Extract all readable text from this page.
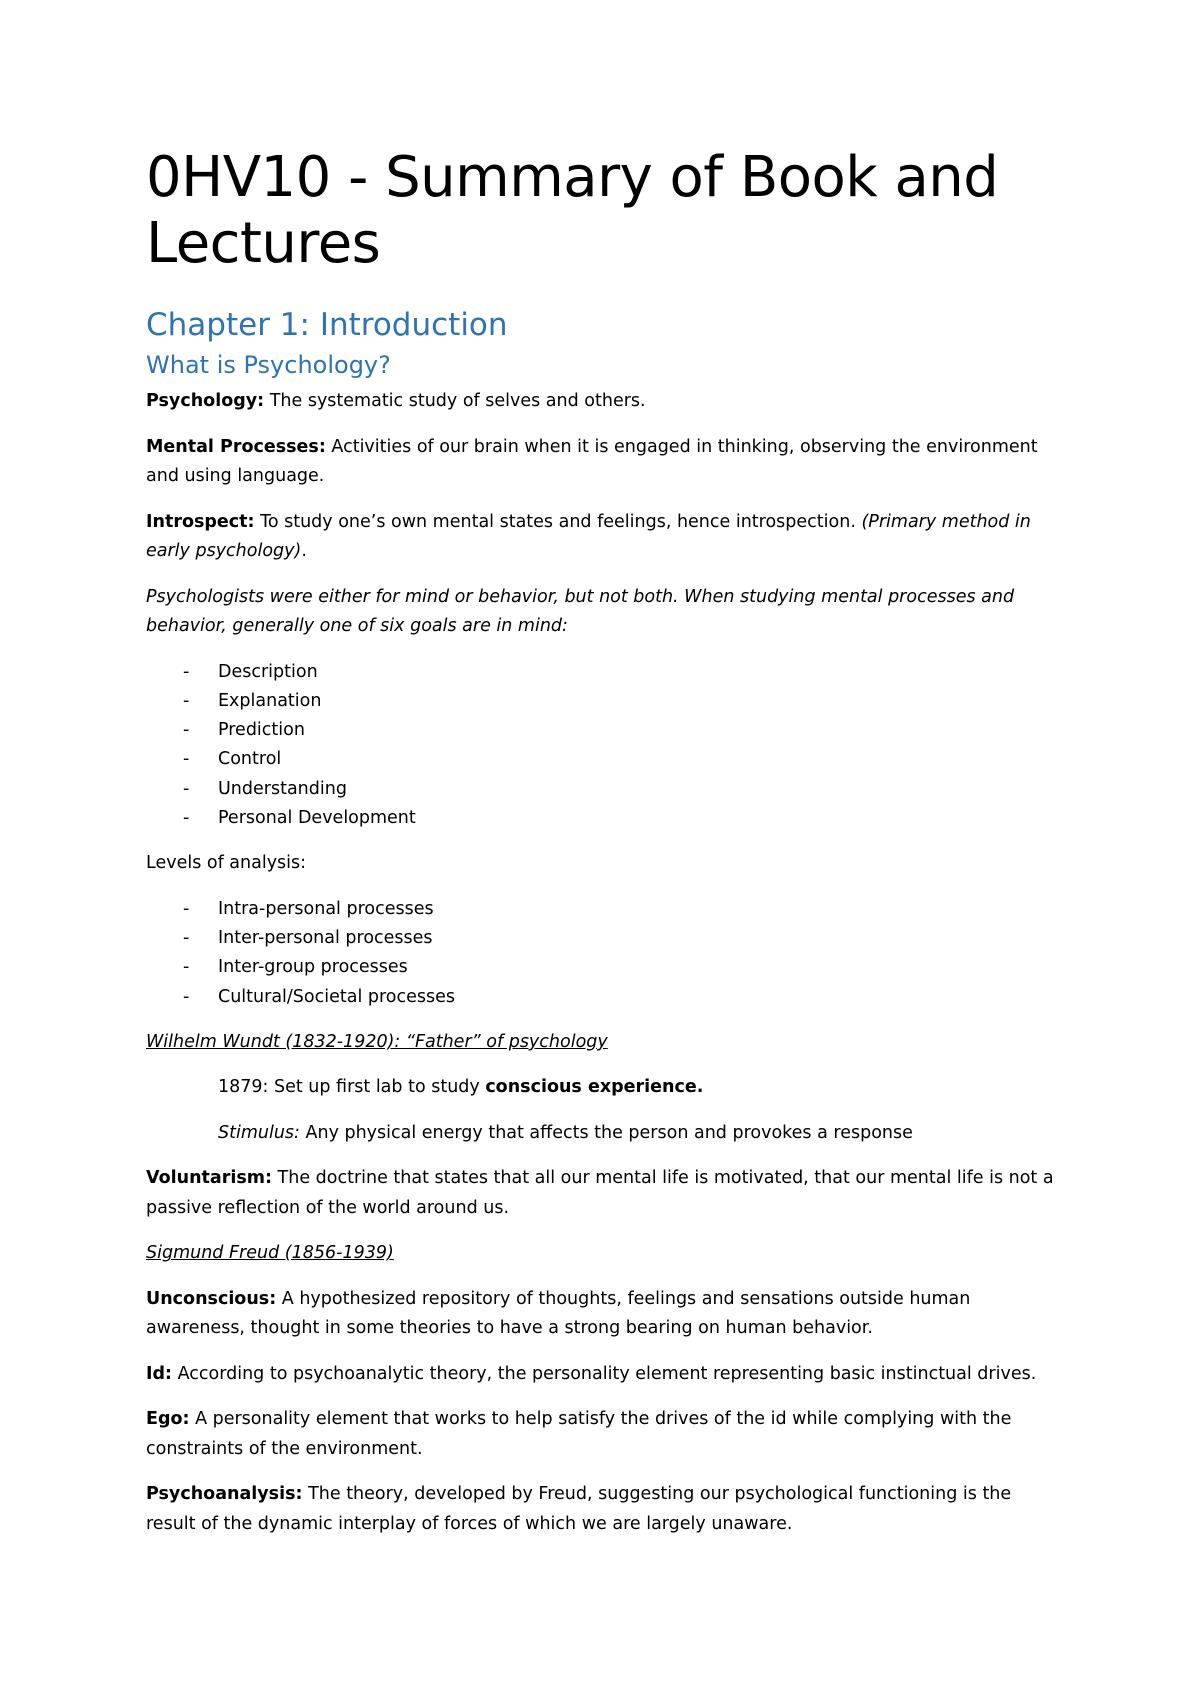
0HV10 - Summary of Book and Lectures
Chapter 1: Introduction
What is Psychology?

Psychology: The systematic study of selves and others.

Mental Processes: Activities of our brain when it is engaged in thinking, observing the environment and using language.

Introspect: To study one’s own mental states and feelings, hence introspection. (Primary method in early psychology).

Psychologists were either for mind or behavior, but not both. When studying mental processes and behavior, generally one of six goals are in mind:

- Description
- Explanation
- Prediction
- Control
- Understanding
- Personal Development

Levels of analysis:

- Intra-personal processes
- Inter-personal processes
- Inter-group processes
- Cultural/Societal processes

Wilhelm Wundt (1832-1920): “Father” of psychology

1879: Set up first lab to study conscious experience.

Stimulus: Any physical energy that affects the person and provokes a response

Voluntarism: The doctrine that states that all our mental life is motivated, that our mental life is not a passive reflection of the world around us.

Sigmund Freud (1856-1939)

Unconscious: A hypothesized repository of thoughts, feelings and sensations outside human awareness, thought in some theories to have a strong bearing on human behavior.

Id: According to psychoanalytic theory, the personality element representing basic instinctual drives.

Ego: A personality element that works to help satisfy the drives of the id while complying with the constraints of the environment.

Psychoanalysis: The theory, developed by Freud, suggesting our psychological functioning is the result of the dynamic interplay of forces of which we are largely unaware.
